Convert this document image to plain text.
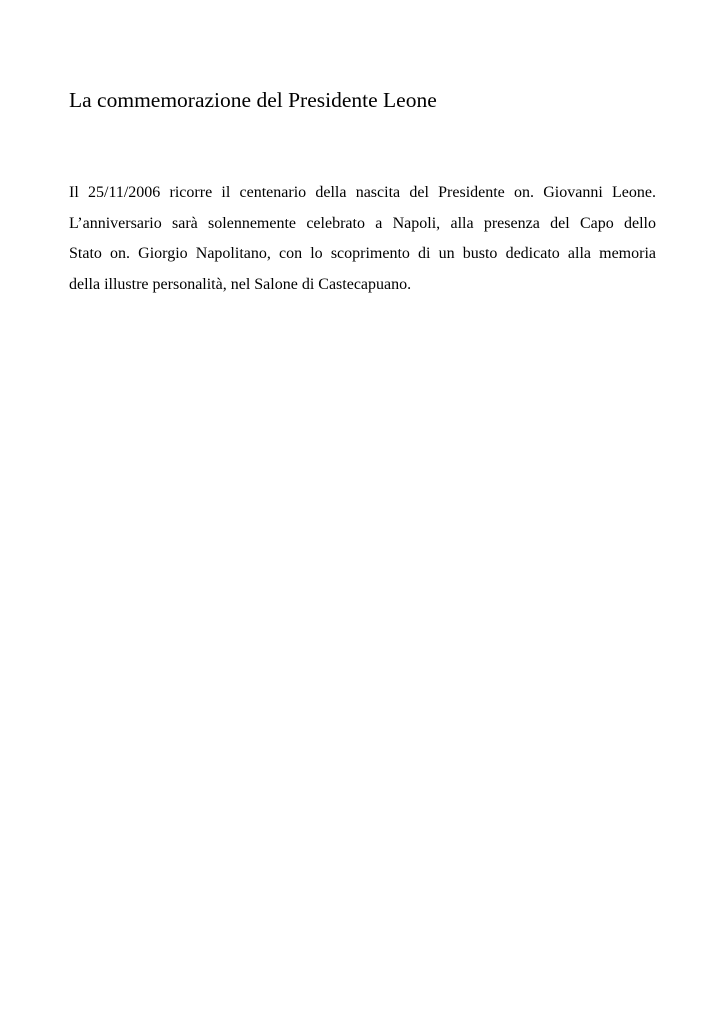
La commemorazione del Presidente Leone
Il 25/11/2006 ricorre il centenario della nascita del Presidente on. Giovanni Leone.
L’anniversario sarà solennemente celebrato a Napoli, alla presenza del Capo dello
Stato on. Giorgio Napolitano, con lo scoprimento di un busto dedicato alla memoria
della illustre personalità, nel Salone di Castecapuano.
